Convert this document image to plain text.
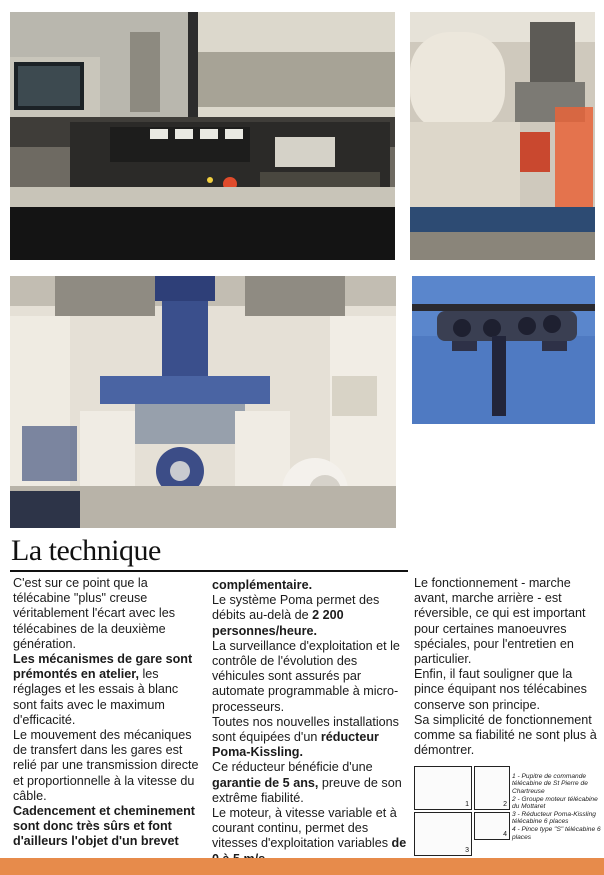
La technique

C'est sur ce point que la télécabine "plus" creuse véritablement l'écart avec les télécabines de la deuxième génération.

Les mécanismes de gare sont prémontés en atelier, les réglages et les essais à blanc sont faits avec le maximum d'efficacité.

Le mouvement des mécaniques de transfert dans les gares est relié par une transmission directe et proportionnelle à la vitesse du câble.

Cadencement et cheminement sont donc très sûrs et font d'ailleurs l'objet d'un brevet

complémentaire.

Le système Poma permet des débits au-delà de 2 200 personnes/heure.

La surveillance d'exploitation et le contrôle de l'évolution des véhicules sont assurés par automate programmable à micro-processeurs.

Toutes nos nouvelles installations sont équipées d'un réducteur Poma-Kissling.

Ce réducteur bénéficie d'une garantie de 5 ans, preuve de son extrême fiabilité.

Le moteur, à vitesse variable et à courant continu, permet des vitesses d'exploitation variables de

Le fonctionnement - marche avant, marche arrière - est réversible, ce qui est important pour certaines manoeuvres spéciales, pour l'entretien en particulier.

Enfin, il faut souligner que la pince équipant nos télécabines conserve son principe.

Sa simplicité de fonctionnement comme sa fiabilité ne sont plus à démontrer.

1	2
3
4
1 - Pupitre de commande télécabine de St Pierre de Chartreuse
2 - Groupe moteur télécabine du Mottaret
3 - Réducteur Poma-Kissling télécabine 6 places
4 - Pince type "S" télécabine 6 places
